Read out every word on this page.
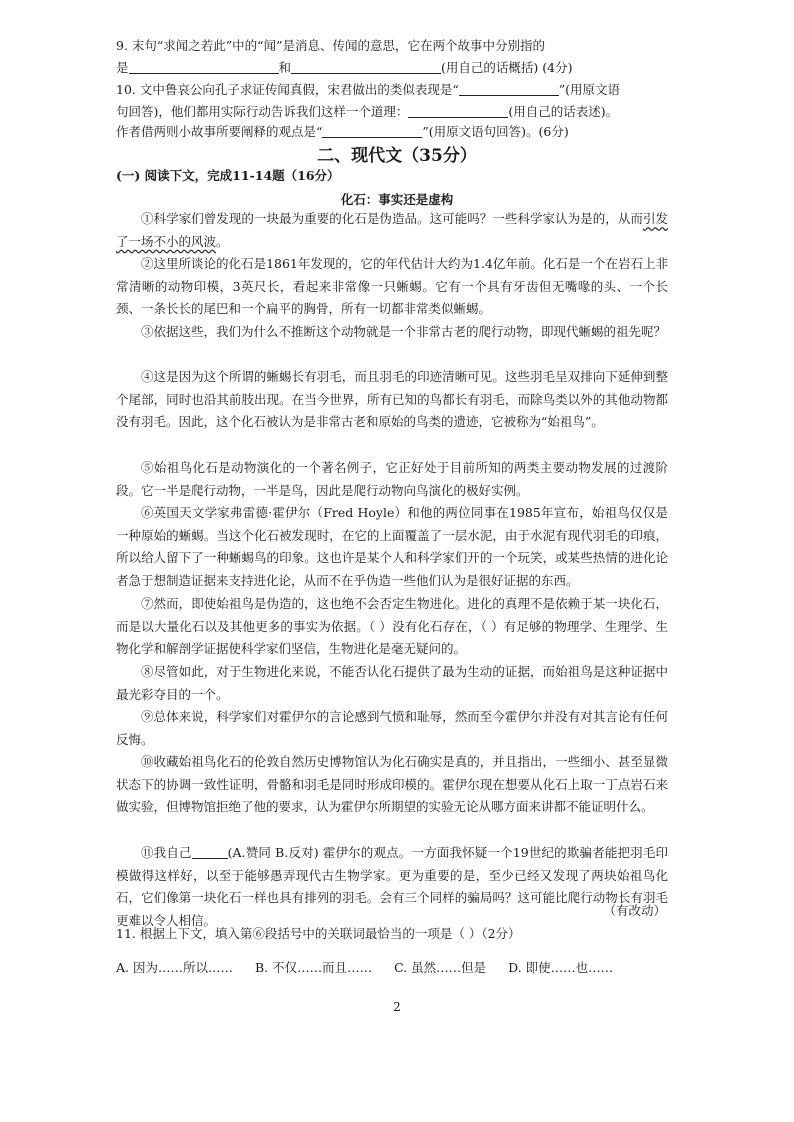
9. 末句“求闻之若此”中的“闻”是消息、传闻的意思，它在两个故事中分别指的
是	和	(用自己的话概括) (4分)
10. 文中鲁哀公向孔子求证传闻真假，宋君做出的类似表现是“	”(用原文语
句回答)，他们都用实际行动告诉我们这样一个道理：	(用自己的话表述)。
作者借两则小故事所要阐释的观点是“	”(用原文语句回答)。(6分)
二、现代文（35分）
(一) 阅读下文，完成11-14题（16分）
化石：事实还是虚构
①科学家们曾发现的一块最为重要的化石是伪造品。这可能吗？一些科学家认为是的，从而引发了一场不小的风波。
②这里所谈论的化石是1861年发现的，它的年代估计大约为1.4亿年前。化石是一个在岩石上非常清晰的动物印模，3英尺长，看起来非常像一只蜥蜴。它有一个具有牙齿但无嘴喙的头、一个长颈、一条长长的尾巴和一个扁平的胸骨，所有一切都非常类似蜥蜴。
③依据这些，我们为什么不推断这个动物就是一个非常古老的爬行动物，即现代蜥蜴的祖先呢？
④这是因为这个所谓的蜥蜴长有羽毛，而且羽毛的印迹清晰可见。这些羽毛呈双排向下延伸到整个尾部，同时也沿其前肢出现。在当今世界，所有已知的鸟都长有羽毛，而除鸟类以外的其他动物都没有羽毛。因此，这个化石被认为是非常古老和原始的鸟类的遗迹，它被称为“始祖鸟”。
⑤始祖鸟化石是动物演化的一个著名例子，它正好处于目前所知的两类主要动物发展的过渡阶段。它一半是爬行动物，一半是鸟，因此是爬行动物向鸟演化的极好实例。
⑥英国天文学家弗雷德·霍伊尔（Fred Hoyle）和他的两位同事在1985年宣布，始祖鸟仅仅是一种原始的蜥蜴。当这个化石被发现时，在它的上面覆盖了一层水泥，由于水泥有现代羽毛的印痕，所以给人留下了一种蜥蜴鸟的印象。这也许是某个人和科学家们开的一个玩笑，或某些热情的进化论者急于想制造证据来支持进化论，从而不在乎伪造一些他们认为是很好证据的东西。
⑦然而，即使始祖鸟是伪造的，这也绝不会否定生物进化。进化的真理不是依赖于某一块化石，而是以大量化石以及其他更多的事实为依据。（ ）没有化石存在，（ ）有足够的物理学、生理学、生物化学和解剖学证据使科学家们坚信，生物进化是毫无疑问的。
⑧尽管如此，对于生物进化来说，不能否认化石提供了最为生动的证据，而始祖鸟是这种证据中最光彩夺目的一个。
⑨总体来说，科学家们对霍伊尔的言论感到气愤和耻辱，然而至今霍伊尔并没有对其言论有任何反悔。
⑩收藏始祖鸟化石的伦敦自然历史博物馆认为化石确实是真的，并且指出，一些细小、甚至显微状态下的协调一致性证明，骨骼和羽毛是同时形成印模的。霍伊尔现在想要从化石上取一丁点岩石来做实验，但博物馆拒绝了他的要求，认为霍伊尔所期望的实验无论从哪方面来讲都不能证明什么。
⑪我自己	(A.赞同 B.反对) 霍伊尔的观点。一方面我怀疑一个19世纪的欺骗者能把羽毛印模做得这样好，以至于能够愚弄现代古生物学家。更为重要的是，至少已经又发现了两块始祖鸟化石，它们像第一块化石一样也具有排列的羽毛。会有三个同样的骗局吗？这可能比爬行动物长有羽毛更难以令人相信。
（有改动）
11. 根据上下文，填入第⑥段括号中的关联词最恰当的一项是（ ）（2分）
A. 因为……所以…… B. 不仅……而且…… C. 虽然……但是 D. 即使……也……
2
